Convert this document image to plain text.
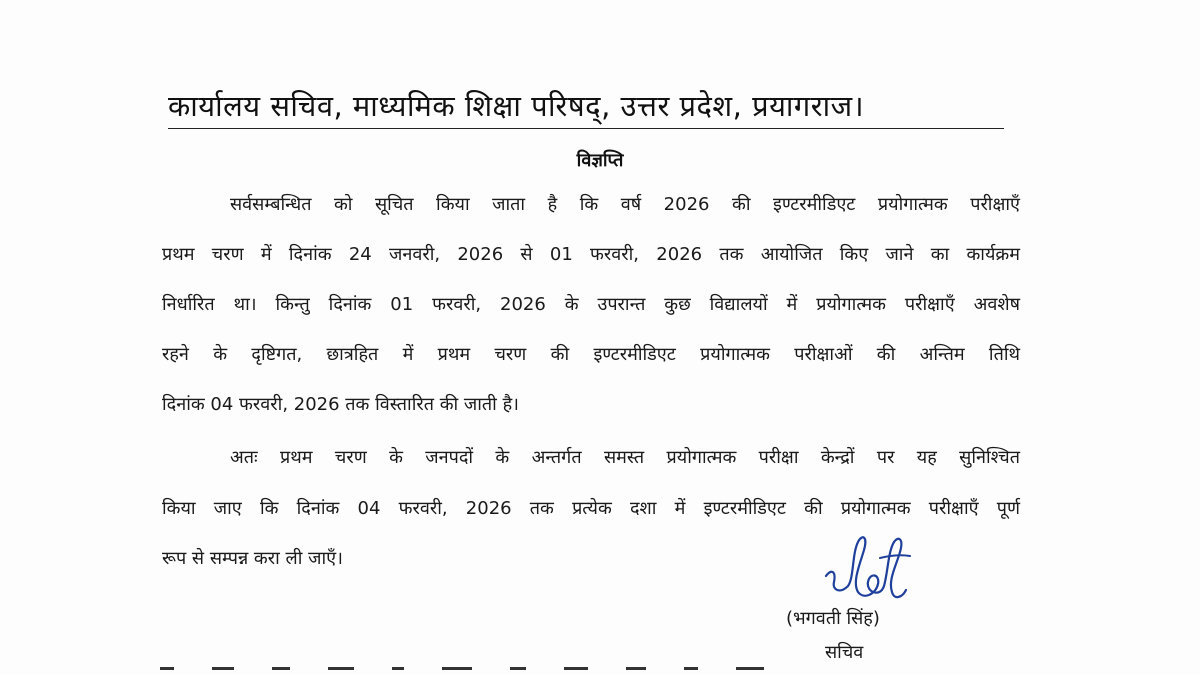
कार्यालय सचिव, माध्यमिक शिक्षा परिषद्, उत्तर प्रदेश, प्रयागराज।
विज्ञप्ति
सर्वसम्बन्धित को सूचित किया जाता है कि वर्ष 2026 की इण्टरमीडिएट प्रयोगात्मक परीक्षाएँ
प्रथम चरण में दिनांक 24 जनवरी, 2026 से 01 फरवरी, 2026 तक आयोजित किए जाने का कार्यक्रम
निर्धारित था। किन्तु दिनांक 01 फरवरी, 2026 के उपरान्त कुछ विद्यालयों में प्रयोगात्मक परीक्षाएँ अवशेष
रहने के दृष्टिगत, छात्रहित में प्रथम चरण की इण्टरमीडिएट प्रयोगात्मक परीक्षाओं की अन्तिम तिथि
दिनांक 04 फरवरी, 2026 तक विस्तारित की जाती है।
अतः प्रथम चरण के जनपदों के अन्तर्गत समस्त प्रयोगात्मक परीक्षा केन्द्रों पर यह सुनिश्चित
किया जाए कि दिनांक 04 फरवरी, 2026 तक प्रत्येक दशा में इण्टरमीडिएट की प्रयोगात्मक परीक्षाएँ पूर्ण
रूप से सम्पन्न करा ली जाएँ।
(भगवती सिंह)
सचिव
